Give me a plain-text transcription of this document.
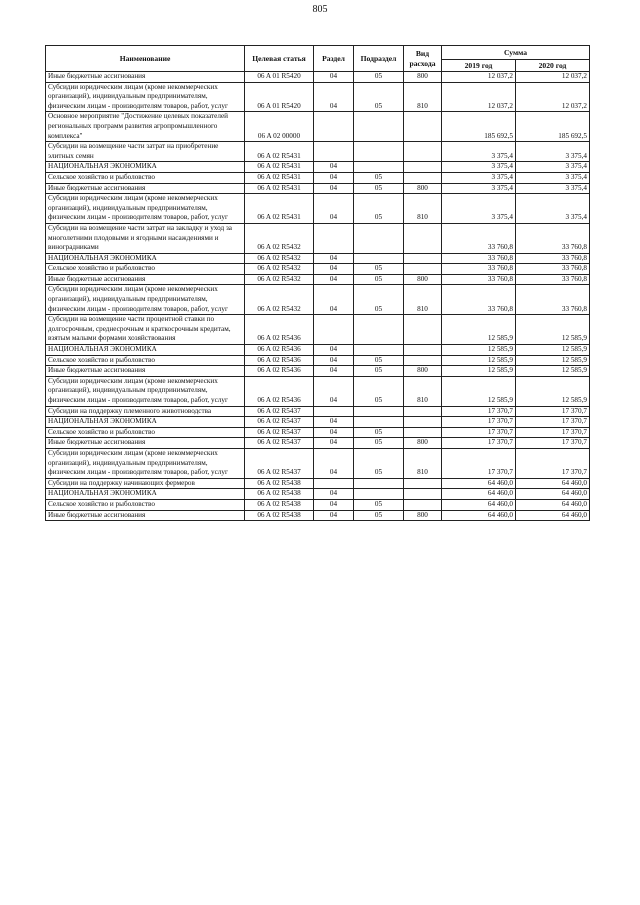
805
Наименование	Целевая статья	Раздел	Подраздел	Вид расхода	Сумма	
					2019 год	2020 год
Иные бюджетные ассигнования	06 A 01 R5420	04	05	800	12 037,2	12 037,2
Субсидии юридическим лицам (кроме некоммерческих организаций), индивидуальным предпринимателям, физическим лицам - производителям товаров, работ, услуг	06 A 01 R5420	04	05	810	12 037,2	12 037,2
Основное мероприятие "Достижение целевых показателей региональных программ развития агропромышленного комплекса"	06 A 02 00000				185 692,5	185 692,5
Субсидии на возмещение части затрат на приобретение элитных семян	06 A 02 R5431				3 375,4	3 375,4
НАЦИОНАЛЬНАЯ ЭКОНОМИКА	06 A 02 R5431	04			3 375,4	3 375,4
Сельское хозяйство и рыболовство	06 A 02 R5431	04	05		3 375,4	3 375,4
Иные бюджетные ассигнования	06 A 02 R5431	04	05	800	3 375,4	3 375,4
Субсидии юридическим лицам (кроме некоммерческих организаций), индивидуальным предпринимателям, физическим лицам - производителям товаров, работ, услуг	06 A 02 R5431	04	05	810	3 375,4	3 375,4
Субсидии на возмещение части затрат на закладку и уход за многолетними плодовыми и ягодными насаждениями и виноградниками	06 A 02 R5432				33 760,8	33 760,8
НАЦИОНАЛЬНАЯ ЭКОНОМИКА	06 A 02 R5432	04			33 760,8	33 760,8
Сельское хозяйство и рыболовство	06 A 02 R5432	04	05		33 760,8	33 760,8
Иные бюджетные ассигнования	06 A 02 R5432	04	05	800	33 760,8	33 760,8
Субсидии юридическим лицам (кроме некоммерческих организаций), индивидуальным предпринимателям, физическим лицам - производителям товаров, работ, услуг	06 A 02 R5432	04	05	810	33 760,8	33 760,8
Субсидии на возмещение части процентной ставки по долгосрочным, среднесрочным и краткосрочным кредитам, взятым малыми формами хозяйствования	06 A 02 R5436				12 585,9	12 585,9
НАЦИОНАЛЬНАЯ ЭКОНОМИКА	06 A 02 R5436	04			12 585,9	12 585,9
Сельское хозяйство и рыболовство	06 A 02 R5436	04	05		12 585,9	12 585,9
Иные бюджетные ассигнования	06 A 02 R5436	04	05	800	12 585,9	12 585,9
Субсидии юридическим лицам (кроме некоммерческих организаций), индивидуальным предпринимателям, физическим лицам - производителям товаров, работ, услуг	06 A 02 R5436	04	05	810	12 585,9	12 585,9
Субсидии на поддержку племенного животноводства	06 A 02 R5437				17 370,7	17 370,7
НАЦИОНАЛЬНАЯ ЭКОНОМИКА	06 A 02 R5437	04			17 370,7	17 370,7
Сельское хозяйство и рыболовство	06 A 02 R5437	04	05		17 370,7	17 370,7
Иные бюджетные ассигнования	06 A 02 R5437	04	05	800	17 370,7	17 370,7
Субсидии юридическим лицам (кроме некоммерческих организаций), индивидуальным предпринимателям, физическим лицам - производителям товаров, работ, услуг	06 A 02 R5437	04	05	810	17 370,7	17 370,7
Субсидии на поддержку начинающих фермеров	06 A 02 R5438				64 460,0	64 460,0
НАЦИОНАЛЬНАЯ ЭКОНОМИКА	06 A 02 R5438	04			64 460,0	64 460,0
Сельское хозяйство и рыболовство	06 A 02 R5438	04	05		64 460,0	64 460,0
Иные бюджетные ассигнования	06 A 02 R5438	04	05	800	64 460,0	64 460,0
